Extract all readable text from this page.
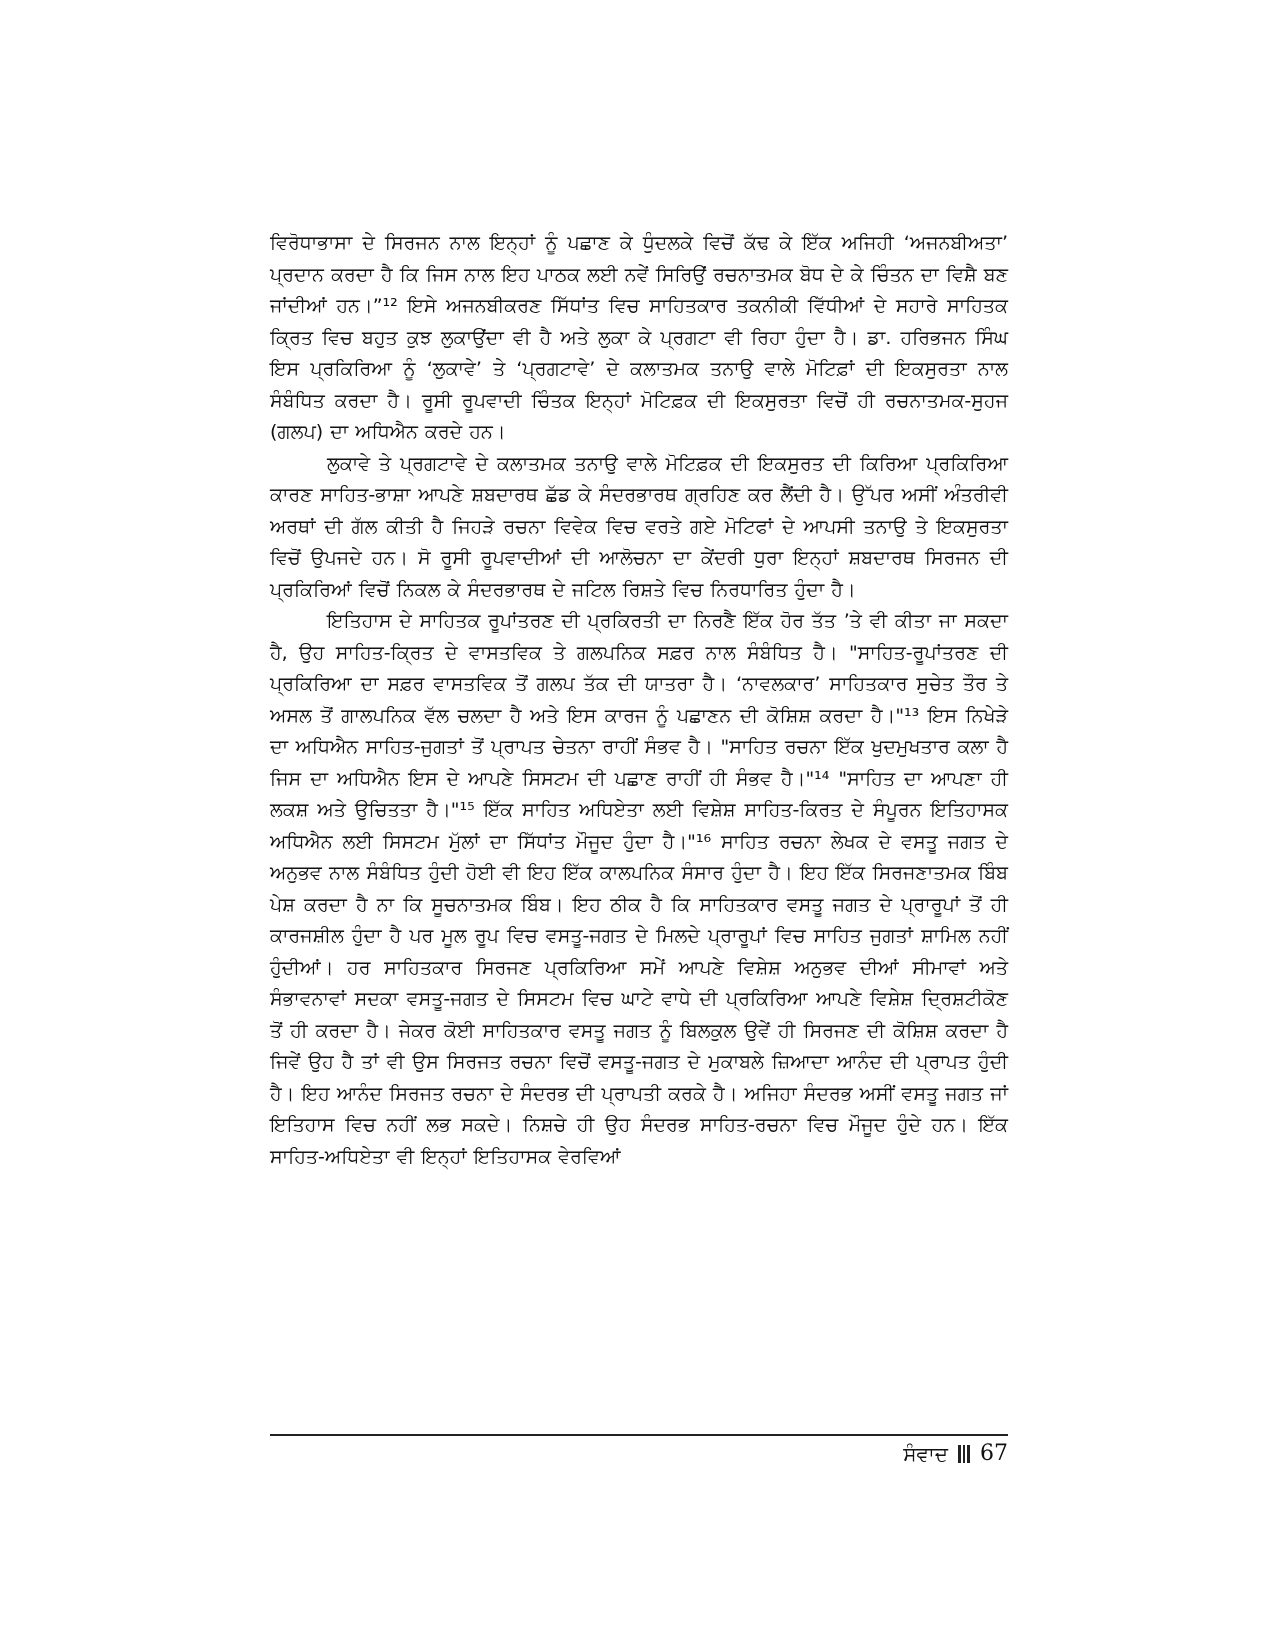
ਵਿਰੋਧਾਭਾਸਾ ਦੇ ਸਿਰਜਨ ਨਾਲ ਇਨ੍ਹਾਂ ਨੂੰ ਪਛਾਣ ਕੇ ਧੁੰਦਲਕੇ ਵਿਚੋਂ ਕੱਢ ਕੇ ਇੱਕ ਅਜਿਹੀ ‘ਅਜਨਬੀਅਤਾ’ ਪ੍ਰਦਾਨ ਕਰਦਾ ਹੈ ਕਿ ਜਿਸ ਨਾਲ ਇਹ ਪਾਠਕ ਲਈ ਨਵੇਂ ਸਿਰਿਉਂ ਰਚਨਾਤਮਕ ਬੋਧ ਦੇ ਕੇ ਚਿੰਤਨ ਦਾ ਵਿਸ਼ੈ ਬਣ ਜਾਂਦੀਆਂ ਹਨ।”¹² ਇਸੇ ਅਜਨਬੀਕਰਣ ਸਿੱਧਾਂਤ ਵਿਚ ਸਾਹਿਤਕਾਰ ਤਕਨੀਕੀ ਵਿੱਧੀਆਂ ਦੇ ਸਹਾਰੇ ਸਾਹਿਤਕ ਕ੍ਰਿਤ ਵਿਚ ਬਹੁਤ ਕੁਝ ਲੁਕਾਉਂਦਾ ਵੀ ਹੈ ਅਤੇ ਲੁਕਾ ਕੇ ਪ੍ਰਗਟਾ ਵੀ ਰਿਹਾ ਹੁੰਦਾ ਹੈ। ਡਾ. ਹਰਿਭਜਨ ਸਿੰਘ ਇਸ ਪ੍ਰਕਿਰਿਆ ਨੂੰ ‘ਲੁਕਾਵੇ’ ਤੇ ‘ਪ੍ਰਗਟਾਵੇ’ ਦੇ ਕਲਾਤਮਕ ਤਨਾਉ ਵਾਲੇ ਮੋਟਿਫ਼ਾਂ ਦੀ ਇਕਸੁਰਤਾ ਨਾਲ ਸੰਬੰਧਿਤ ਕਰਦਾ ਹੈ। ਰੂਸੀ ਰੂਪਵਾਦੀ ਚਿੰਤਕ ਇਨ੍ਹਾਂ ਮੋਟਿਫ਼ਕ ਦੀ ਇਕਸੁਰਤਾ ਵਿਚੋਂ ਹੀ ਰਚਨਾਤਮਕ-ਸੁਹਜ (ਗਲਪ) ਦਾ ਅਧਿਐਨ ਕਰਦੇ ਹਨ।

ਲੁਕਾਵੇ ਤੇ ਪ੍ਰਗਟਾਵੇ ਦੇ ਕਲਾਤਮਕ ਤਨਾਉ ਵਾਲੇ ਮੋਟਿਫ਼ਕ ਦੀ ਇਕਸੁਰਤ ਦੀ ਕਿਰਿਆ ਪ੍ਰਕਿਰਿਆ ਕਾਰਣ ਸਾਹਿਤ-ਭਾਸ਼ਾ ਆਪਣੇ ਸ਼ਬਦਾਰਥ ਛੱਡ ਕੇ ਸੰਦਰਭਾਰਥ ਗ੍ਰਹਿਣ ਕਰ ਲੈਂਦੀ ਹੈ। ਉੱਪਰ ਅਸੀਂ ਅੰਤਰੀਵੀ ਅਰਥਾਂ ਦੀ ਗੱਲ ਕੀਤੀ ਹੈ ਜਿਹੜੇ ਰਚਨਾ ਵਿਵੇਕ ਵਿਚ ਵਰਤੇ ਗਏ ਮੋਟਿਫਾਂ ਦੇ ਆਪਸੀ ਤਨਾਉ ਤੇ ਇਕਸੁਰਤਾ ਵਿਚੋਂ ਉਪਜਦੇ ਹਨ। ਸੋ ਰੂਸੀ ਰੂਪਵਾਦੀਆਂ ਦੀ ਆਲੋਚਨਾ ਦਾ ਕੇਂਦਰੀ ਧੁਰਾ ਇਨ੍ਹਾਂ ਸ਼ਬਦਾਰਥ ਸਿਰਜਨ ਦੀ ਪ੍ਰਕਿਰਿਆਂ ਵਿਚੋਂ ਨਿਕਲ ਕੇ ਸੰਦਰਭਾਰਥ ਦੇ ਜਟਿਲ ਰਿਸ਼ਤੇ ਵਿਚ ਨਿਰਧਾਰਿਤ ਹੁੰਦਾ ਹੈ।

ਇਤਿਹਾਸ ਦੇ ਸਾਹਿਤਕ ਰੂਪਾਂਤਰਣ ਦੀ ਪ੍ਰਕਿਰਤੀ ਦਾ ਨਿਰਣੈ ਇੱਕ ਹੋਰ ਤੱਤ ’ਤੇ ਵੀ ਕੀਤਾ ਜਾ ਸਕਦਾ ਹੈ, ਉਹ ਸਾਹਿਤ-ਕ੍ਰਿਤ ਦੇ ਵਾਸਤਵਿਕ ਤੇ ਗਲਪਨਿਕ ਸਫ਼ਰ ਨਾਲ ਸੰਬੰਧਿਤ ਹੈ। "ਸਾਹਿਤ-ਰੂਪਾਂਤਰਣ ਦੀ ਪ੍ਰਕਿਰਿਆ ਦਾ ਸਫ਼ਰ ਵਾਸਤਵਿਕ ਤੋਂ ਗਲਪ ਤੱਕ ਦੀ ਯਾਤਰਾ ਹੈ। ‘ਨਾਵਲਕਾਰ’ ਸਾਹਿਤਕਾਰ ਸੁਚੇਤ ਤੌਰ ਤੇ ਅਸਲ ਤੋਂ ਗਾਲਪਨਿਕ ਵੱਲ ਚਲਦਾ ਹੈ ਅਤੇ ਇਸ ਕਾਰਜ ਨੂੰ ਪਛਾਣਨ ਦੀ ਕੋਸ਼ਿਸ਼ ਕਰਦਾ ਹੈ।"¹³ ਇਸ ਨਿਖੇੜੇ ਦਾ ਅਧਿਐਨ ਸਾਹਿਤ-ਜੁਗਤਾਂ ਤੋਂ ਪ੍ਰਾਪਤ ਚੇਤਨਾ ਰਾਹੀਂ ਸੰਭਵ ਹੈ। "ਸਾਹਿਤ ਰਚਨਾ ਇੱਕ ਖੁਦਮੁਖਤਾਰ ਕਲਾ ਹੈ ਜਿਸ ਦਾ ਅਧਿਐਨ ਇਸ ਦੇ ਆਪਣੇ ਸਿਸਟਮ ਦੀ ਪਛਾਣ ਰਾਹੀਂ ਹੀ ਸੰਭਵ ਹੈ।"¹⁴ "ਸਾਹਿਤ ਦਾ ਆਪਣਾ ਹੀ ਲਕਸ਼ ਅਤੇ ਉਚਿਤਤਾ ਹੈ।"¹⁵ ਇੱਕ ਸਾਹਿਤ ਅਧਿਏਤਾ ਲਈ ਵਿਸ਼ੇਸ਼ ਸਾਹਿਤ-ਕਿਰਤ ਦੇ ਸੰਪੂਰਨ ਇਤਿਹਾਸਕ ਅਧਿਐਨ ਲਈ ਸਿਸਟਮ ਮੁੱਲਾਂ ਦਾ ਸਿੱਧਾਂਤ ਮੌਜੂਦ ਹੁੰਦਾ ਹੈ।"¹⁶ ਸਾਹਿਤ ਰਚਨਾ ਲੇਖਕ ਦੇ ਵਸਤੂ ਜਗਤ ਦੇ ਅਨੁਭਵ ਨਾਲ ਸੰਬੰਧਿਤ ਹੁੰਦੀ ਹੋਈ ਵੀ ਇਹ ਇੱਕ ਕਾਲਪਨਿਕ ਸੰਸਾਰ ਹੁੰਦਾ ਹੈ। ਇਹ ਇੱਕ ਸਿਰਜਣਾਤਮਕ ਬਿੰਬ ਪੇਸ਼ ਕਰਦਾ ਹੈ ਨਾ ਕਿ ਸੂਚਨਾਤਮਕ ਬਿੰਬ। ਇਹ ਠੀਕ ਹੈ ਕਿ ਸਾਹਿਤਕਾਰ ਵਸਤੂ ਜਗਤ ਦੇ ਪ੍ਰਾਰੂਪਾਂ ਤੋਂ ਹੀ ਕਾਰਜਸ਼ੀਲ ਹੁੰਦਾ ਹੈ ਪਰ ਮੂਲ ਰੂਪ ਵਿਚ ਵਸਤੂ-ਜਗਤ ਦੇ ਮਿਲਦੇ ਪ੍ਰਾਰੂਪਾਂ ਵਿਚ ਸਾਹਿਤ ਜੁਗਤਾਂ ਸ਼ਾਮਿਲ ਨਹੀਂ ਹੁੰਦੀਆਂ। ਹਰ ਸਾਹਿਤਕਾਰ ਸਿਰਜਣ ਪ੍ਰਕਿਰਿਆ ਸਮੇਂ ਆਪਣੇ ਵਿਸ਼ੇਸ਼ ਅਨੁਭਵ ਦੀਆਂ ਸੀਮਾਵਾਂ ਅਤੇ ਸੰਭਾਵਨਾਵਾਂ ਸਦਕਾ ਵਸਤੂ-ਜਗਤ ਦੇ ਸਿਸਟਮ ਵਿਚ ਘਾਟੇ ਵਾਧੇ ਦੀ ਪ੍ਰਕਿਰਿਆ ਆਪਣੇ ਵਿਸ਼ੇਸ਼ ਦ੍ਰਿਸ਼ਟੀਕੋਣ ਤੋਂ ਹੀ ਕਰਦਾ ਹੈ। ਜੇਕਰ ਕੋਈ ਸਾਹਿਤਕਾਰ ਵਸਤੂ ਜਗਤ ਨੂੰ ਬਿਲਕੁਲ ਉਵੇਂ ਹੀ ਸਿਰਜਣ ਦੀ ਕੋਸ਼ਿਸ਼ ਕਰਦਾ ਹੈ ਜਿਵੇਂ ਉਹ ਹੈ ਤਾਂ ਵੀ ਉਸ ਸਿਰਜਤ ਰਚਨਾ ਵਿਚੋਂ ਵਸਤੂ-ਜਗਤ ਦੇ ਮੁਕਾਬਲੇ ਜ਼ਿਆਦਾ ਆਨੰਦ ਦੀ ਪ੍ਰਾਪਤ ਹੁੰਦੀ ਹੈ। ਇਹ ਆਨੰਦ ਸਿਰਜਤ ਰਚਨਾ ਦੇ ਸੰਦਰਭ ਦੀ ਪ੍ਰਾਪਤੀ ਕਰਕੇ ਹੈ। ਅਜਿਹਾ ਸੰਦਰਭ ਅਸੀਂ ਵਸਤੂ ਜਗਤ ਜਾਂ ਇਤਿਹਾਸ ਵਿਚ ਨਹੀਂ ਲਭ ਸਕਦੇ। ਨਿਸ਼ਚੇ ਹੀ ਉਹ ਸੰਦਰਭ ਸਾਹਿਤ-ਰਚਨਾ ਵਿਚ ਮੌਜੂਦ ਹੁੰਦੇ ਹਨ। ਇੱਕ ਸਾਹਿਤ-ਅਧਿਏਤਾ ਵੀ ਇਨ੍ਹਾਂ ਇਤਿਹਾਸਕ ਵੇਰਵਿਆਂ

ਸੰਵਾਦ 67
